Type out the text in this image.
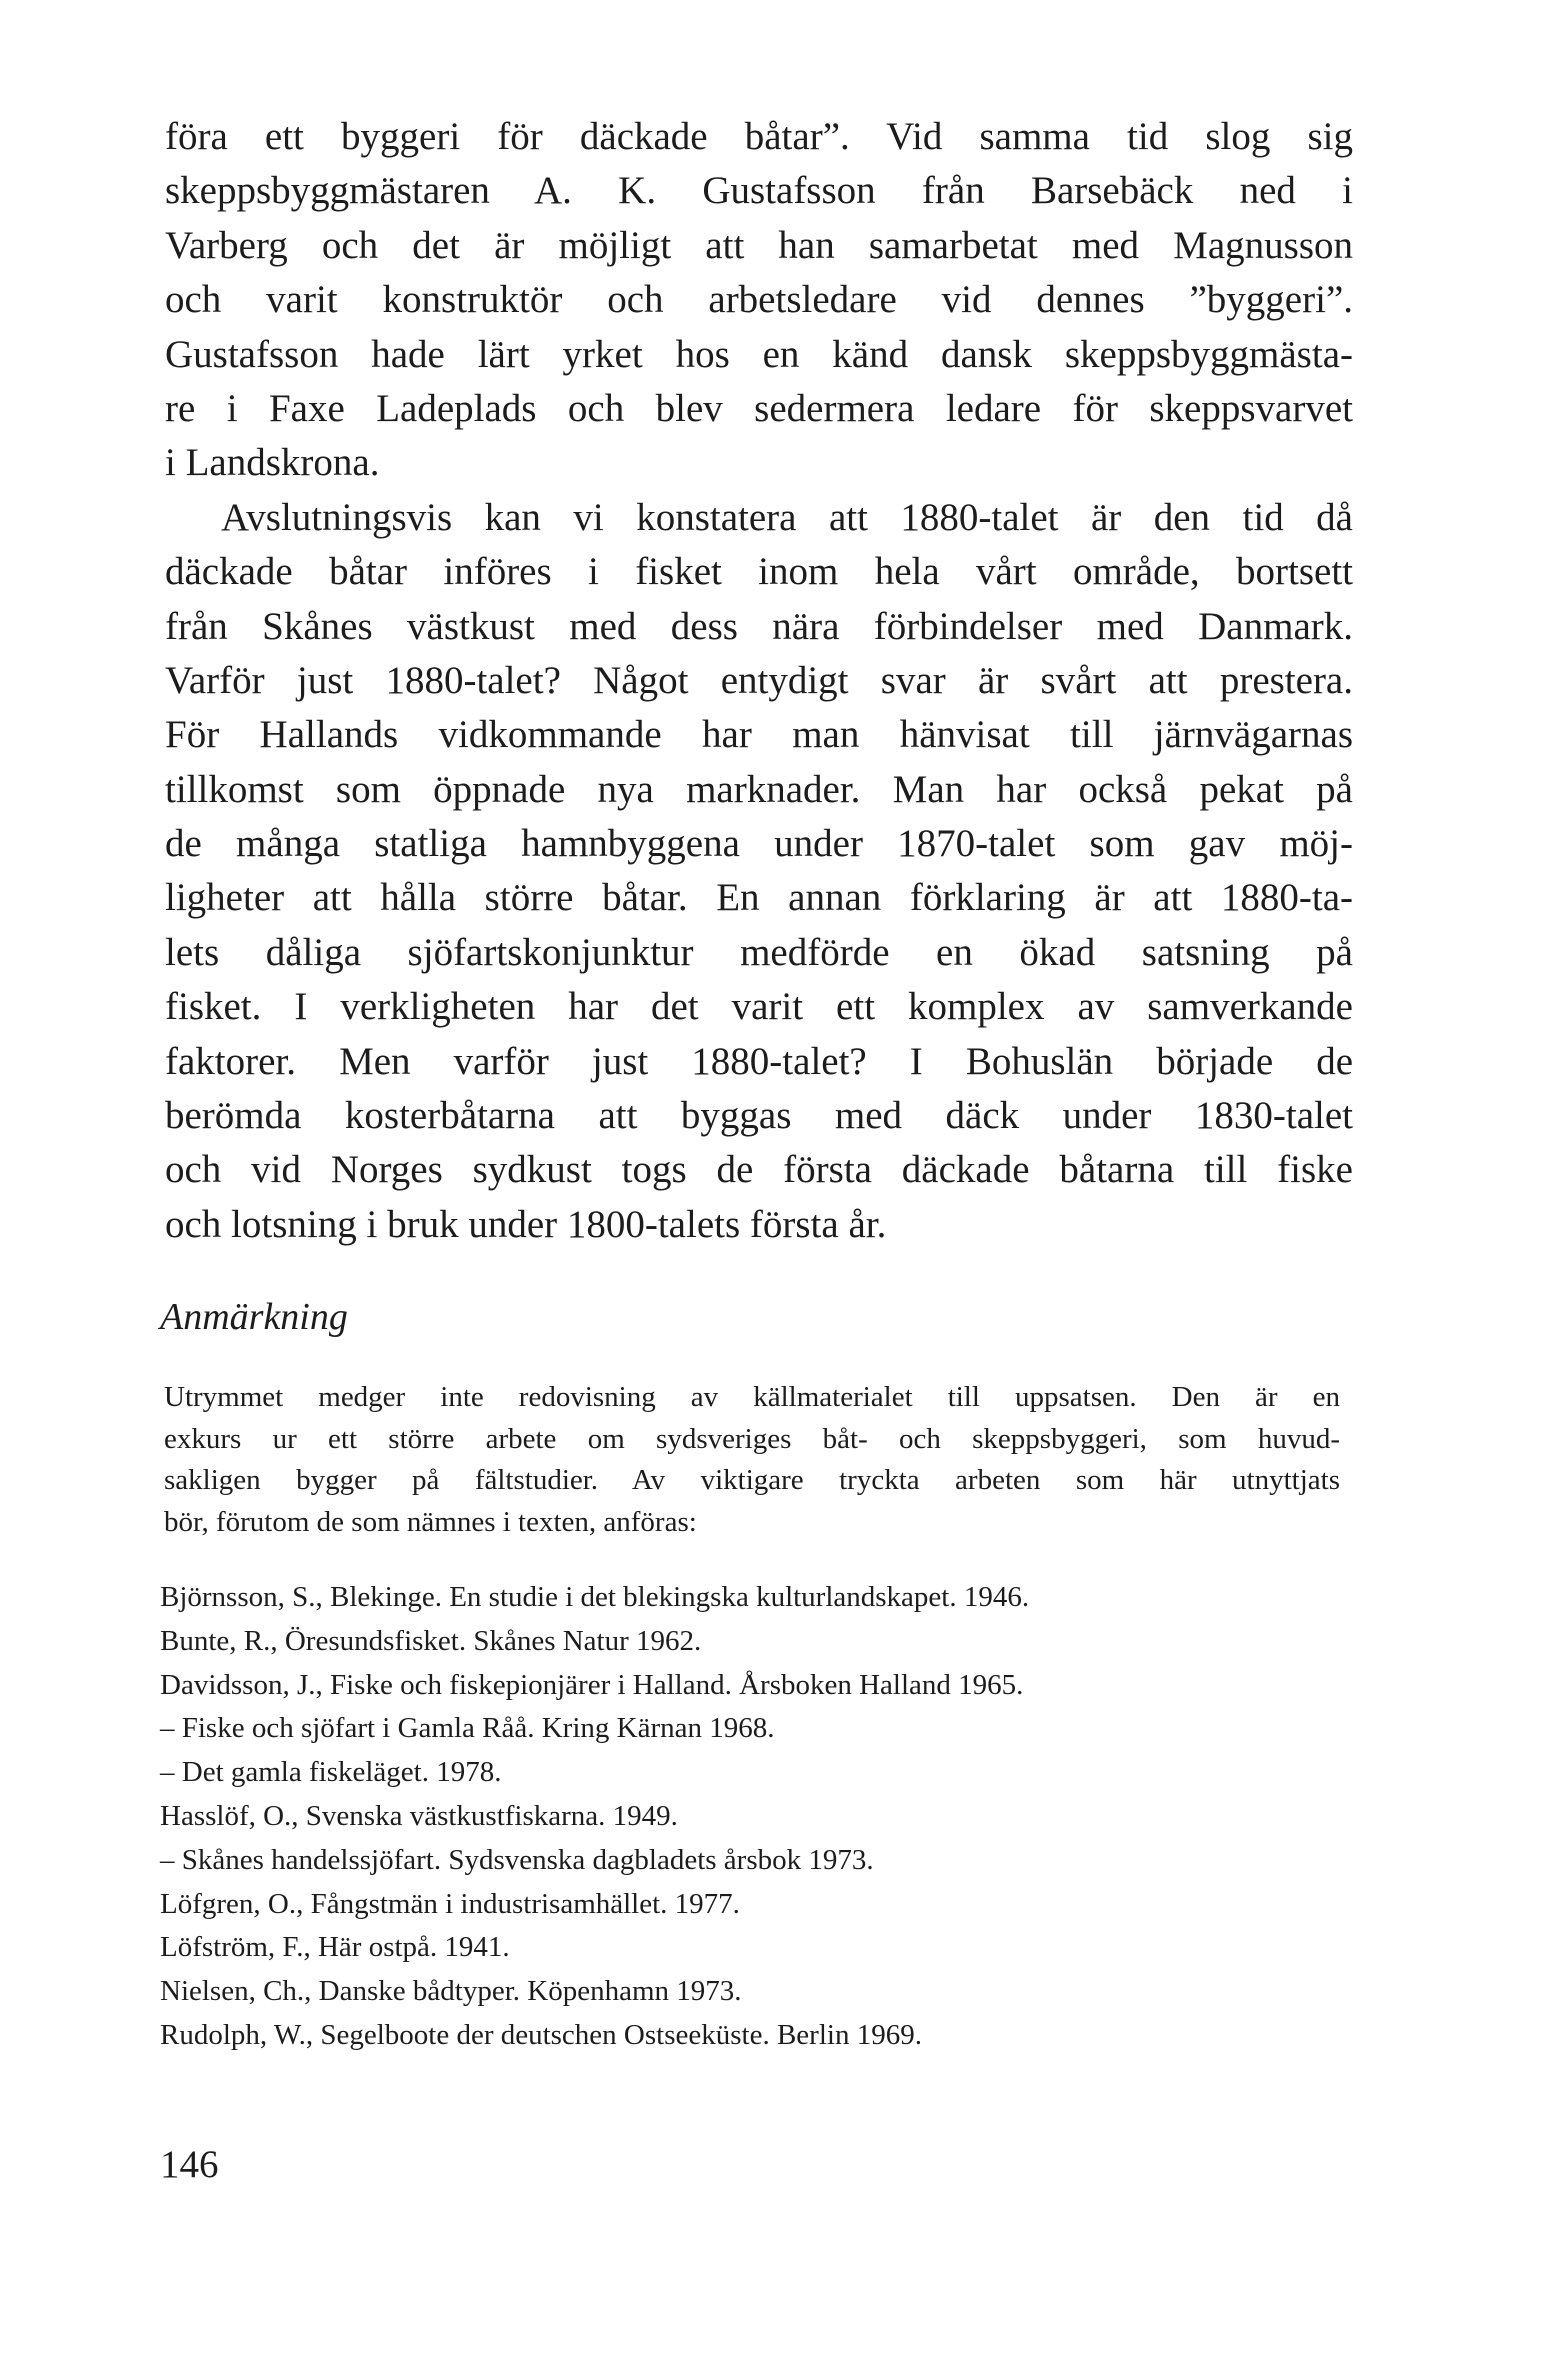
föra ett byggeri för däckade båtar”. Vid samma tid slog sig
skeppsbyggmästaren A. K. Gustafsson från Barsebäck ned i
Varberg och det är möjligt att han samarbetat med Magnusson
och varit konstruktör och arbetsledare vid dennes ”byggeri”.
Gustafsson hade lärt yrket hos en känd dansk skeppsbyggmästa-
re i Faxe Ladeplads och blev sedermera ledare för skeppsvarvet
i Landskrona.
Avslutningsvis kan vi konstatera att 1880-talet är den tid då
däckade båtar införes i fisket inom hela vårt område, bortsett
från Skånes västkust med dess nära förbindelser med Danmark.
Varför just 1880-talet? Något entydigt svar är svårt att prestera.
För Hallands vidkommande har man hänvisat till järnvägarnas
tillkomst som öppnade nya marknader. Man har också pekat på
de många statliga hamnbyggena under 1870-talet som gav möj-
ligheter att hålla större båtar. En annan förklaring är att 1880-ta-
lets dåliga sjöfartskonjunktur medförde en ökad satsning på
fisket. I verkligheten har det varit ett komplex av samverkande
faktorer. Men varför just 1880-talet? I Bohuslän började de
berömda kosterbåtarna att byggas med däck under 1830-talet
och vid Norges sydkust togs de första däckade båtarna till fiske
och lotsning i bruk under 1800-talets första år.
Anmärkning
Utrymmet medger inte redovisning av källmaterialet till uppsatsen. Den är en
exkurs ur ett större arbete om sydsveriges båt- och skeppsbyggeri, som huvud-
sakligen bygger på fältstudier. Av viktigare tryckta arbeten som här utnyttjats
bör, förutom de som nämnes i texten, anföras:
Björnsson, S., Blekinge. En studie i det blekingska kulturlandskapet. 1946.
Bunte, R., Öresundsfisket. Skånes Natur 1962.
Davidsson, J., Fiske och fiskepionjärer i Halland. Årsboken Halland 1965.
– Fiske och sjöfart i Gamla Råå. Kring Kärnan 1968.
– Det gamla fiskeläget. 1978.
Hasslöf, O., Svenska västkustfiskarna. 1949.
– Skånes handelssjöfart. Sydsvenska dagbladets årsbok 1973.
Löfgren, O., Fångstmän i industrisamhället. 1977.
Löfström, F., Här ostpå. 1941.
Nielsen, Ch., Danske bådtyper. Köpenhamn 1973.
Rudolph, W., Segelboote der deutschen Ostseeküste. Berlin 1969.
146
